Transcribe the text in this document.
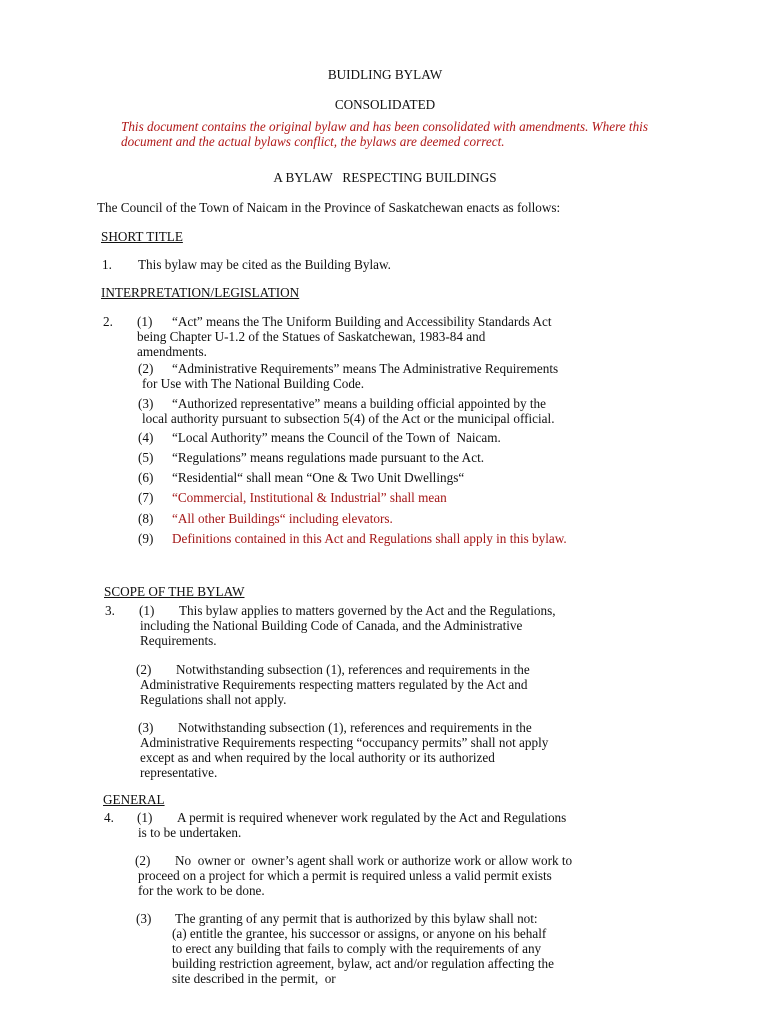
BUIDLING BYLAW
CONSOLIDATED
This document contains the original bylaw and has been consolidated with amendments. Where this
document and the actual bylaws conflict, the bylaws are deemed correct.
A BYLAW   RESPECTING BUILDINGS
The Council of the Town of Naicam in the Province of Saskatchewan enacts as follows:
SHORT TITLE
1. This bylaw may be cited as the Building Bylaw.
INTERPRETATION/LEGISLATION
2. (1) “Act” means the The Uniform Building and Accessibility Standards Act
being Chapter U-1.2 of the Statues of Saskatchewan, 1983-84 and
amendments.
(2) “Administrative Requirements” means The Administrative Requirements
for Use with The National Building Code.
(3) “Authorized representative” means a building official appointed by the
local authority pursuant to subsection 5(4) of the Act or the municipal official.
(4) “Local Authority” means the Council of the Town of  Naicam.
(5) “Regulations” means regulations made pursuant to the Act.
(6) “Residential“ shall mean “One & Two Unit Dwellings“
(7) “Commercial, Institutional & Industrial” shall mean
(8) “All other Buildings“ including elevators.
(9) Definitions contained in this Act and Regulations shall apply in this bylaw.
SCOPE OF THE BYLAW
3. (1) This bylaw applies to matters governed by the Act and the Regulations,
including the National Building Code of Canada, and the Administrative
Requirements.
(2) Notwithstanding subsection (1), references and requirements in the
Administrative Requirements respecting matters regulated by the Act and
Regulations shall not apply.
(3) Notwithstanding subsection (1), references and requirements in the
Administrative Requirements respecting “occupancy permits” shall not apply
except as and when required by the local authority or its authorized
representative.
GENERAL
4. (1) A permit is required whenever work regulated by the Act and Regulations
is to be undertaken.
(2) No  owner or  owner’s agent shall work or authorize work or allow work to
proceed on a project for which a permit is required unless a valid permit exists
for the work to be done.
(3) The granting of any permit that is authorized by this bylaw shall not:
(a) entitle the grantee, his successor or assigns, or anyone on his behalf
to erect any building that fails to comply with the requirements of any
building restriction agreement, bylaw, act and/or regulation affecting the
site described in the permit,  or
